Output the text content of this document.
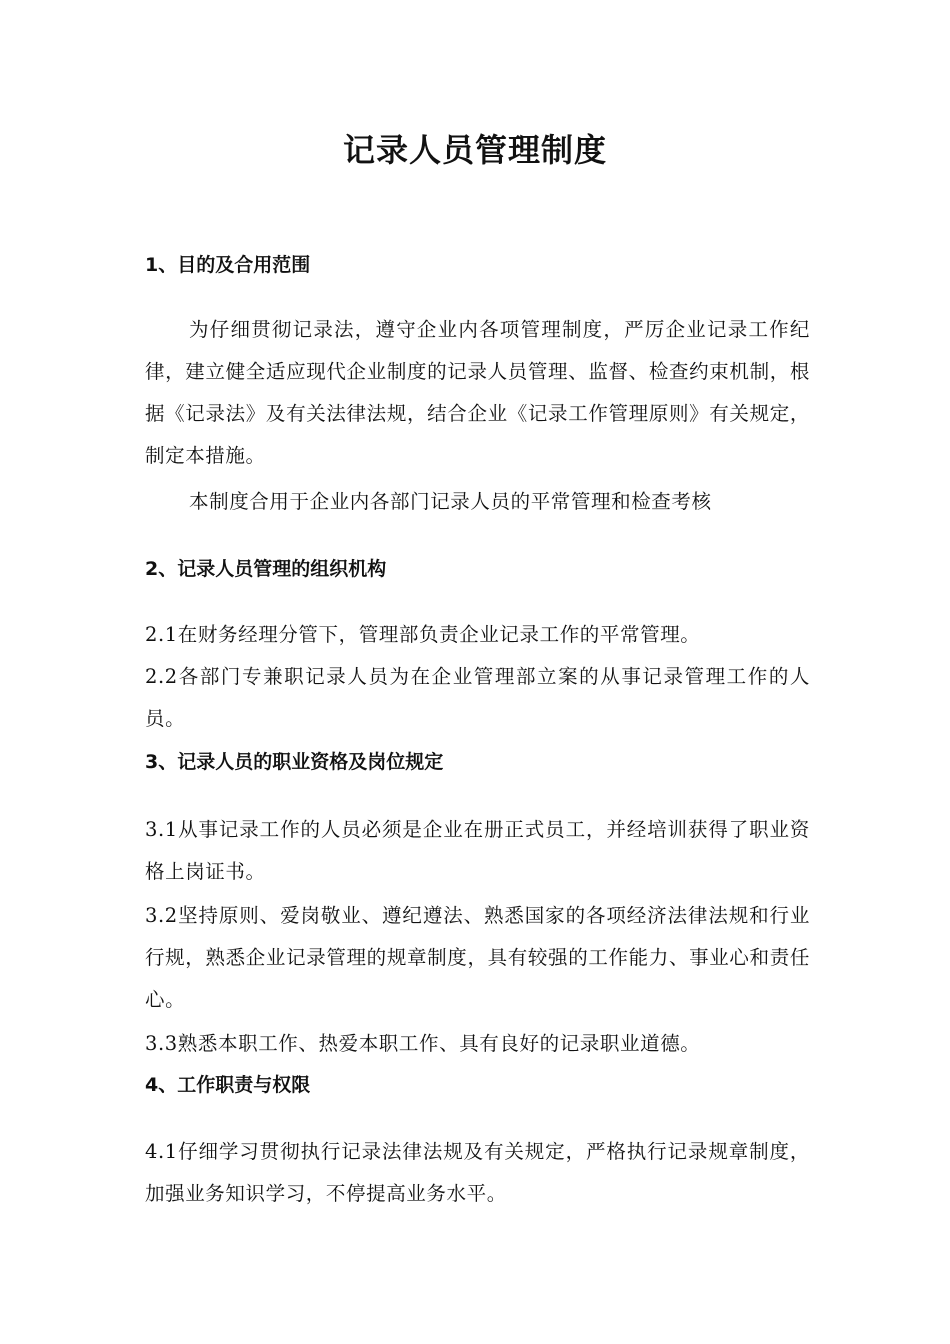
记录人员管理制度
1、目的及合用范围

为仔细贯彻记录法，遵守企业内各项管理制度，严厉企业记录工作纪律，建立健全适应现代企业制度的记录人员管理、监督、检查约束机制，根据《记录法》及有关法律法规，结合企业《记录工作管理原则》有关规定，制定本措施。

本制度合用于企业内各部门记录人员的平常管理和检查考核

2、记录人员管理的组织机构

2.1在财务经理分管下，管理部负责企业记录工作的平常管理。

2.2各部门专兼职记录人员为在企业管理部立案的从事记录管理工作的人员。

3、记录人员的职业资格及岗位规定

3.1从事记录工作的人员必须是企业在册正式员工，并经培训获得了职业资格上岗证书。

3.2坚持原则、爱岗敬业、遵纪遵法、熟悉国家的各项经济法律法规和行业行规，熟悉企业记录管理的规章制度，具有较强的工作能力、事业心和责任心。

3.3熟悉本职工作、热爱本职工作、具有良好的记录职业道德。

4、工作职责与权限

4.1仔细学习贯彻执行记录法律法规及有关规定，严格执行记录规章制度，加强业务知识学习，不停提高业务水平。
